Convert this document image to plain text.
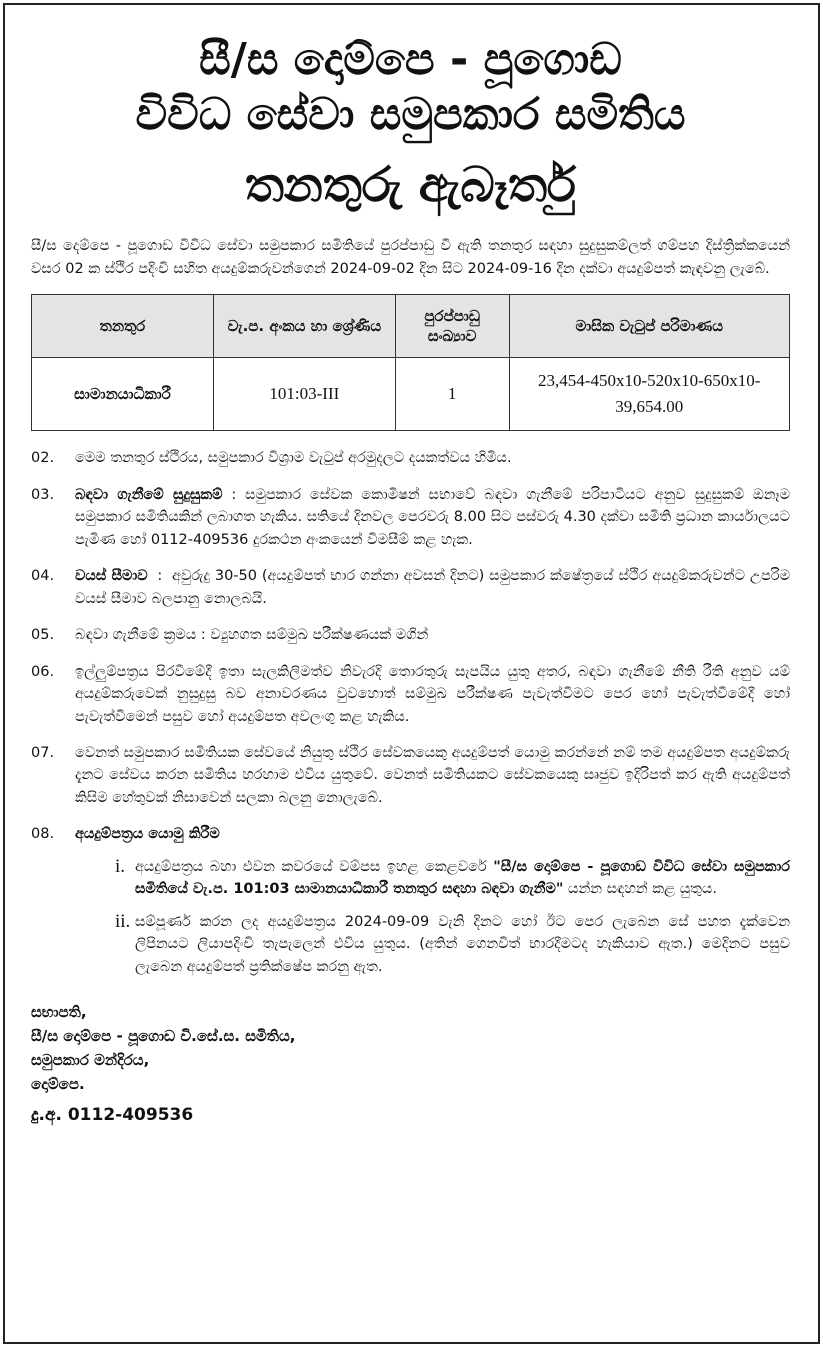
සී/ස දොම්පෙ - පූගොඩ
විවිධ සේවා සමුපකාර සමිතිය
තනතුරු ඇබෑර්තු
සී/ස දෙම්පෙ - පූගොඩ විවිධ සේවා සමුපකාර සමිතියේ පුරප්පාඩු වී ඇති තනතුර සඳහා සුදුසුකම්ලත් ගම්පහ දිස්ත්‍රික්කයෙන් වසර 02 ක ස්ථිර පදිංචි සහිත අයදුම්කරුවන්ගෙන් 2024-09-02 දින සිට 2024-09-16 දින දක්වා අයදුම්පත් කැඳවනු ලැබේ.
තනතුර	වැ.ප. අංකය හා ශ්‍රේණිය	පුරප්පාඩු සංඛ්‍යාව	මාසික වැටුප් පරිමාණය
සාමානයාධිකාරී	101:03-III	1	23,454-450x10-520x10-650x10-39,654.00
02.	මෙම තනතුර ස්ථිරය, සමුපකාර විශ්‍රාම වැටුප් අරමුදලට දයකත්වය හිමිය.
03.	බඳවා ගැනීමේ සුදුසුකම් : සමුපකාර සේවක කොමිෂන් සභාවේ බඳවා ගැනීමේ පරිපාටියට අනුව සුදුසුකම් ඔනෑම සමුපකාර සමිතියකින් ලබාගත හැකිය. සතියේ දිනවල පෙරවරු 8.00 සිට පස්වරු 4.30 දක්වා සමිති ප්‍රධාන කාර්යාලයට පැමිණ හෝ 0112-409536 දුරකථන අංකයෙන් විමසීම් කළ හැක.
04.	වයස් සීමාව  :  අවුරුදු 30-50 (අයදුම්පත් භාර ගන්නා අවසන් දිනට) සමුපකාර ක්ෂේත්‍රයේ ස්ථිර අයදුම්කරුවන්ට උපරිම වයස් සීමාව බලපානු නොලබයි.
05.	බඳවා ගැනීමේ ක්‍රමය : ව්‍යුහගත සම්මුඛ පරීක්ෂණයක් මගින්
06.	ඉල්ලුම්පත්‍රය පිරවීමේදී ඉතා සැලකිලිමත්ව නිවැරදි තොරතුරු සැපයිය යුතු අතර, බඳවා ගැනීමේ නීති රීති අනුව යම් අයදුම්කරුවෙක් නුසුදුසු බව අනාවරණය වුවහොත් සම්මුඛ පරීක්ෂණ පැවැත්වීමට පෙර හෝ පැවැත්වීමේදී හෝ පැවැත්වීමෙන් පසුව හෝ අයදුම්පත අවලංගු කළ හැකිය.
07.	වෙනත් සමුපකාර සමිතියක සේවයේ නියුතු ස්ථිර සේවකයෙකු අයදුම්පත් යොමු කරන්නේ නම් තම අයදුම්පත අයදුම්කරු දැනට සේවය කරන සමිතිය හරහාම එවිය යුතුවේ. වෙනත් සමිතියකට සේවකයෙකු සෘජුව ඉදිරිපත් කර ඇති අයදුම්පත් කිසිම හේතුවක් නිසාවෙන් සලකා බලනු නොලැබේ.
08.	අයදුම්පත්‍රය යොමු කිරීම
i. අයදුම්පත්‍රය බහා එවන කවරයේ වම්පස ඉහළ කෙළවරේ "සී/ස දොම්පෙ - පූගොඩ විවිධ සේවා සමුපකාර සමිතියේ වැ.ප. 101:03 සාමානයාධිකාරී තනතුර සඳහා බඳවා ගැනීම" යන්න සඳහන් කළ යුතුය.
ii. සම්පූර්ණ කරන ලද අයදුම්පත්‍රය 2024-09-09 වැනි දිනට හෝ ඊට පෙර ලැබෙන සේ පහත දැක්වෙන ලිපිනයට ලියාපදිංචි තැපැලෙන් එවිය යුතුය. (අතින් ගෙනවිත් භාරදීමටද හැකියාව ඇත.) මෙදිනට පසුව ලැබෙන අයදුම්පත් ප්‍රතික්ෂේප කරනු ඇත.
සභාපති,
සී/ස දොම්පෙ - පූගොඩ වි.සේ.ස. සමිතිය,
සමුපකාර මන්දිරය,
දොම්පෙ.
දු.අ. 0112-409536
